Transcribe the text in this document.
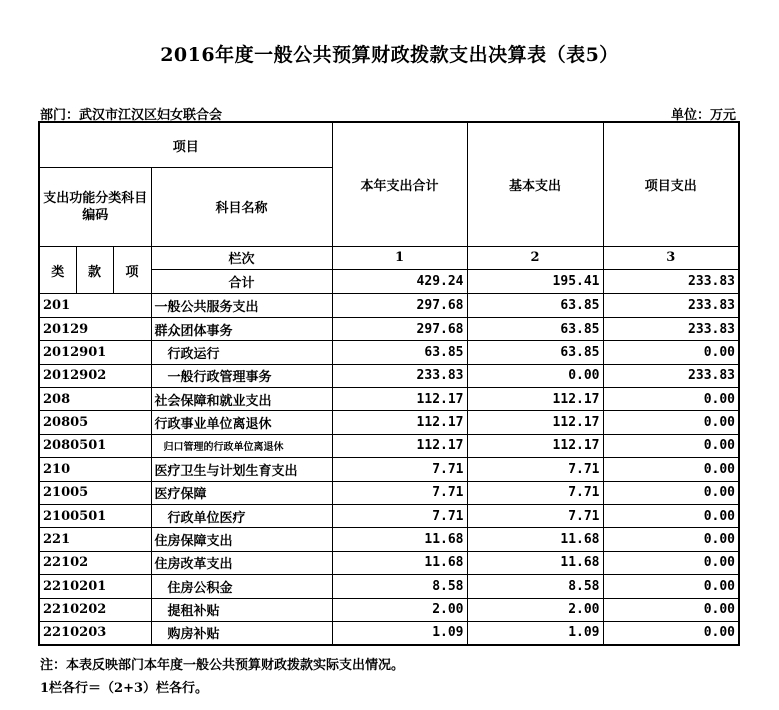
2016年度一般公共预算财政拨款支出决算表（表5）
部门：武汉市江汉区妇女联合会	单位：万元
项目				本年支出合计	基本支出	项目支出
支出功能分类科目编码			科目名称			
类	款	项	栏次	1	2	3
			合计	429.24	195.41	233.83
201			一般公共服务支出	297.68	63.85	233.83
20129			群众团体事务	297.68	63.85	233.83
2012901			行政运行	63.85	63.85	0.00
2012902			一般行政管理事务	233.83	0.00	233.83
208			社会保障和就业支出	112.17	112.17	0.00
20805			行政事业单位离退休	112.17	112.17	0.00
2080501			归口管理的行政单位离退休	112.17	112.17	0.00
210			医疗卫生与计划生育支出	7.71	7.71	0.00
21005			医疗保障	7.71	7.71	0.00
2100501			行政单位医疗	7.71	7.71	0.00
221			住房保障支出	11.68	11.68	0.00
22102			住房改革支出	11.68	11.68	0.00
2210201			住房公积金	8.58	8.58	0.00
2210202			提租补贴	2.00	2.00	0.00
2210203			购房补贴	1.09	1.09	0.00
注：本表反映部门本年度一般公共预算财政拨款实际支出情况。
1栏各行＝（2+3）栏各行。
